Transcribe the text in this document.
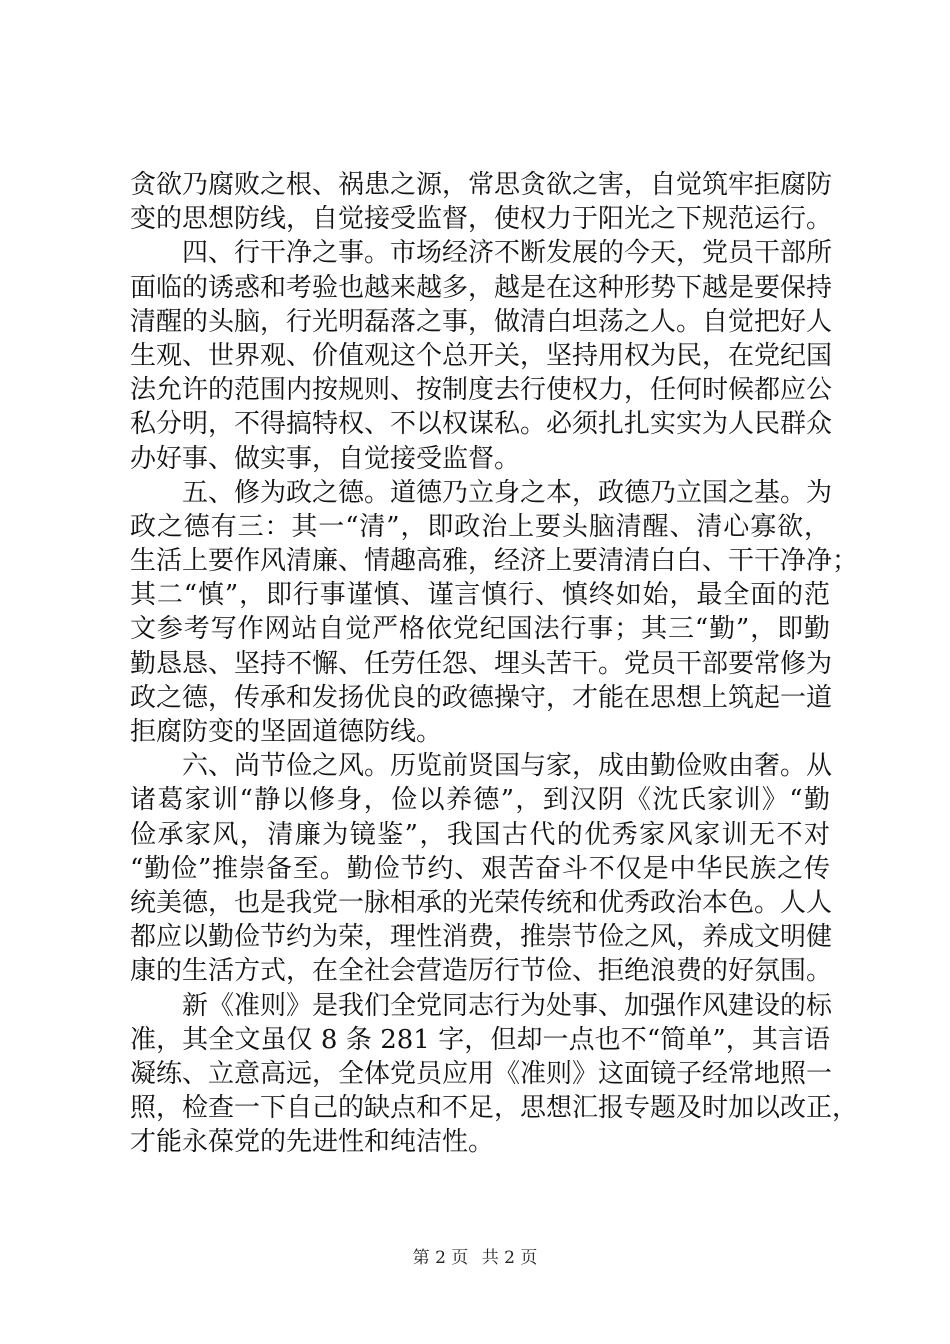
贪欲乃腐败之根、祸患之源，常思贪欲之害，自觉筑牢拒腐防
变的思想防线，自觉接受监督，使权力于阳光之下规范运行。
四、行干净之事。市场经济不断发展的今天，党员干部所
面临的诱惑和考验也越来越多，越是在这种形势下越是要保持
清醒的头脑，行光明磊落之事，做清白坦荡之人。自觉把好人
生观、世界观、价值观这个总开关，坚持用权为民，在党纪国
法允许的范围内按规则、按制度去行使权力，任何时候都应公
私分明，不得搞特权、不以权谋私。必须扎扎实实为人民群众
办好事、做实事，自觉接受监督。
五、修为政之德。道德乃立身之本，政德乃立国之基。为
政之德有三：其一“清”，即政治上要头脑清醒、清心寡欲，
生活上要作风清廉、情趣高雅，经济上要清清白白、干干净净；
其二“慎”，即行事谨慎、谨言慎行、慎终如始，最全面的范
文参考写作网站自觉严格依党纪国法行事；其三“勤”，即勤
勤恳恳、坚持不懈、任劳任怨、埋头苦干。党员干部要常修为
政之德，传承和发扬优良的政德操守，才能在思想上筑起一道
拒腐防变的坚固道德防线。
六、尚节俭之风。历览前贤国与家，成由勤俭败由奢。从
诸葛家训“静以修身，俭以养德”，到汉阴《沈氏家训》“勤
俭承家风，清廉为镜鉴”，我国古代的优秀家风家训无不对
“勤俭”推崇备至。勤俭节约、艰苦奋斗不仅是中华民族之传
统美德，也是我党一脉相承的光荣传统和优秀政治本色。人人
都应以勤俭节约为荣，理性消费，推崇节俭之风，养成文明健
康的生活方式，在全社会营造厉行节俭、拒绝浪费的好氛围。
新《准则》是我们全党同志行为处事、加强作风建设的标
准，其全文虽仅 8 条 281 字，但却一点也不“简单”，其言语
凝练、立意高远，全体党员应用《准则》这面镜子经常地照一
照，检查一下自己的缺点和不足，思想汇报专题及时加以改正，
才能永葆党的先进性和纯洁性。
第 2 页 共 2 页
